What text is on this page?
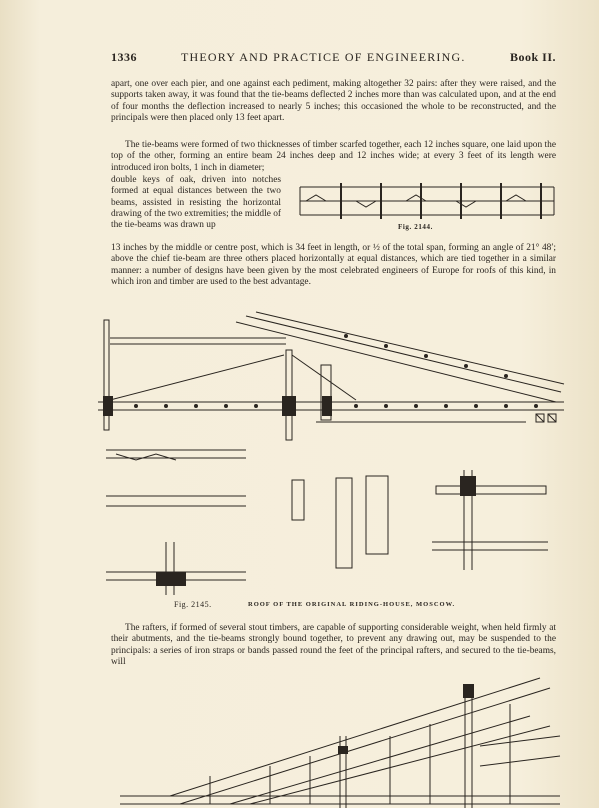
1336	THEORY AND PRACTICE OF ENGINEERING.	Book II.
apart, one over each pier, and one against each pediment, making altogether 32 pairs: after they were raised, and the supports taken away, it was found that the tie-beams deflected 2 inches more than was calculated upon, and at the end of four months the deflection increased to nearly 5 inches; this occasioned the whole to be reconstructed, and the principals were then placed only 13 feet apart.
The tie-beams were formed of two thicknesses of timber scarfed together, each 12 inches square, one laid upon the top of the other, forming an entire beam 24 inches deep and 12 inches wide; at every 3 feet of its length were introduced iron bolts, 1 inch in diameter;
double keys of oak, driven into notches formed at equal distances between the two beams, assisted in resisting the horizontal drawing of the two extremities; the middle of the tie-beams was drawn up
13 inches by the middle or centre post, which is 34 feet in length, or ½ of the total span, forming an angle of 21° 48′; above the chief tie-beam are three others placed horizontally at equal distances, which are tied together in a similar manner: a number of designs have been given by the most celebrated engineers of Europe for roofs of this kind, in which iron and timber are used to the best advantage.
Fig. 2144.
Fig. 2145.	ROOF OF THE ORIGINAL RIDING-HOUSE, MOSCOW.
The rafters, if formed of several stout timbers, are capable of supporting considerable weight, when held firmly at their abutments, and the tie-beams strongly bound together, to prevent any drawing out, may be suspended to the principals: a series of iron straps or bands passed round the feet of the principal rafters, and secured to the tie-beams, will
